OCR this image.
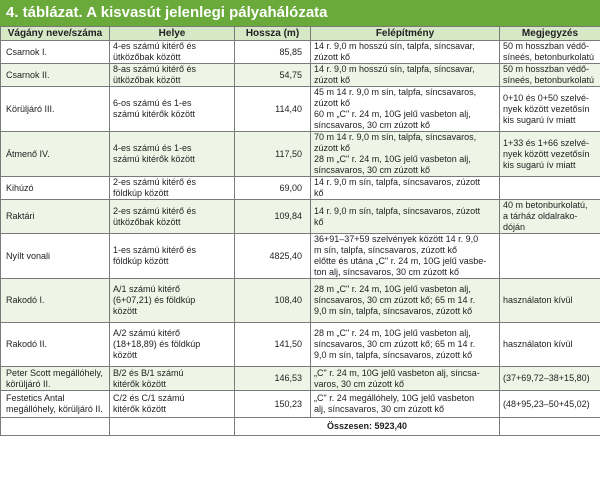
4. táblázat. A kisvasút jelenlegi pályahálózata
Vágány neve/száma	Helye	Hossza (m)	Felépítmény	Megjegyzés

Csarnok I.	4-es számú kitérő és
ütközőbak között	85,85	14 r. 9,0 m hosszú sín, talpfa, síncsavar,
zúzott kő	50 m hosszban védő-
síneés, betonburkolatú

Csarnok II.	8-as számú kitérő és
ütközőbak között	54,75	14 r. 9,0 m hosszú sín, talpfa, síncsavar,
zúzott kő	50 m hosszban védő-
síneés, betonburkolatú

Körüljáró III.	6-os számú és 1-es
számú kitérők között	114,40	45 m 14 r. 9,0 m sín, talpfa, síncsavaros,
zúzott kő
60 m „C" r. 24 m, 10G jelű vasbeton alj,
síncsavaros, 30 cm zúzott kő	0+10 és 0+50 szelvé-
nyek között vezetősín
kis sugarú ív miatt

Átmenő IV.	4-es számú és 1-es
számú kitérők között	117,50	70 m 14 r. 9,0 m sín, talpfa, síncsavaros,
zúzott kő
28 m „C" r. 24 m, 10G jelű vasbeton alj,
síncsavaros, 30 cm zúzott kő	1+33 és 1+66 szelvé-
nyek között vezetősín
kis sugarú ív miatt

Kihúzó	2-es számú kitérő és
földkúp között	69,00	14 r. 9,0 m sín, talpfa, síncsavaros, zúzott
kő	

Raktári	2-es számú kitérő és
ütközőbak között	109,84	14 r. 9,0 m sín, talpfa, síncsavaros, zúzott
kő	40 m betonburkolatú,
a tárház oldalrako-
dóján

Nyílt vonali	1-es számú kitérő és
földkúp között	4825,40	36+91–37+59 szelvények között 14 r. 9,0
m sín, talpfa, síncsavaros, zúzott kő
előtte és utána „C" r. 24 m, 10G jelű vasbe-
ton alj, síncsavaros, 30 cm zúzott kő	

Rakodó I.	A/1 számú kitérő
(6+07,21) és földkúp
között	108,40	28 m „C" r. 24 m, 10G jelű vasbeton alj,
síncsavaros, 30 cm zúzott kő; 65 m 14 r.
9,0 m sín, talpfa, síncsavaros, zúzott kő	használaton kívül

Rakodó II.	A/2 számú kitérő
(18+18,89) és földkúp
között	141,50	28 m „C" r. 24 m, 10G jelű vasbeton alj,
síncsavaros, 30 cm zúzott kő; 65 m 14 r.
9,0 m sín, talpfa, síncsavaros, zúzott kő	használaton kívül

Peter Scott megállóhely,
körüljáró II.	B/2 és B/1 számú
kitérők között	146,53	„C" r. 24 m, 10G jelű vasbeton alj, síncsa-
varos, 30 cm zúzott kő	(37+69,72–38+15,80)

Festetics Antal
megállóhely, körüljáró II.	C/2 és C/1 számú
kitérők között	150,23	„C" r. 24 megállóhely, 10G jelű vasbeton
alj, síncsavaros, 30 cm zúzott kő	(48+95,23–50+45,02)

		Összesen: 5923,40		
